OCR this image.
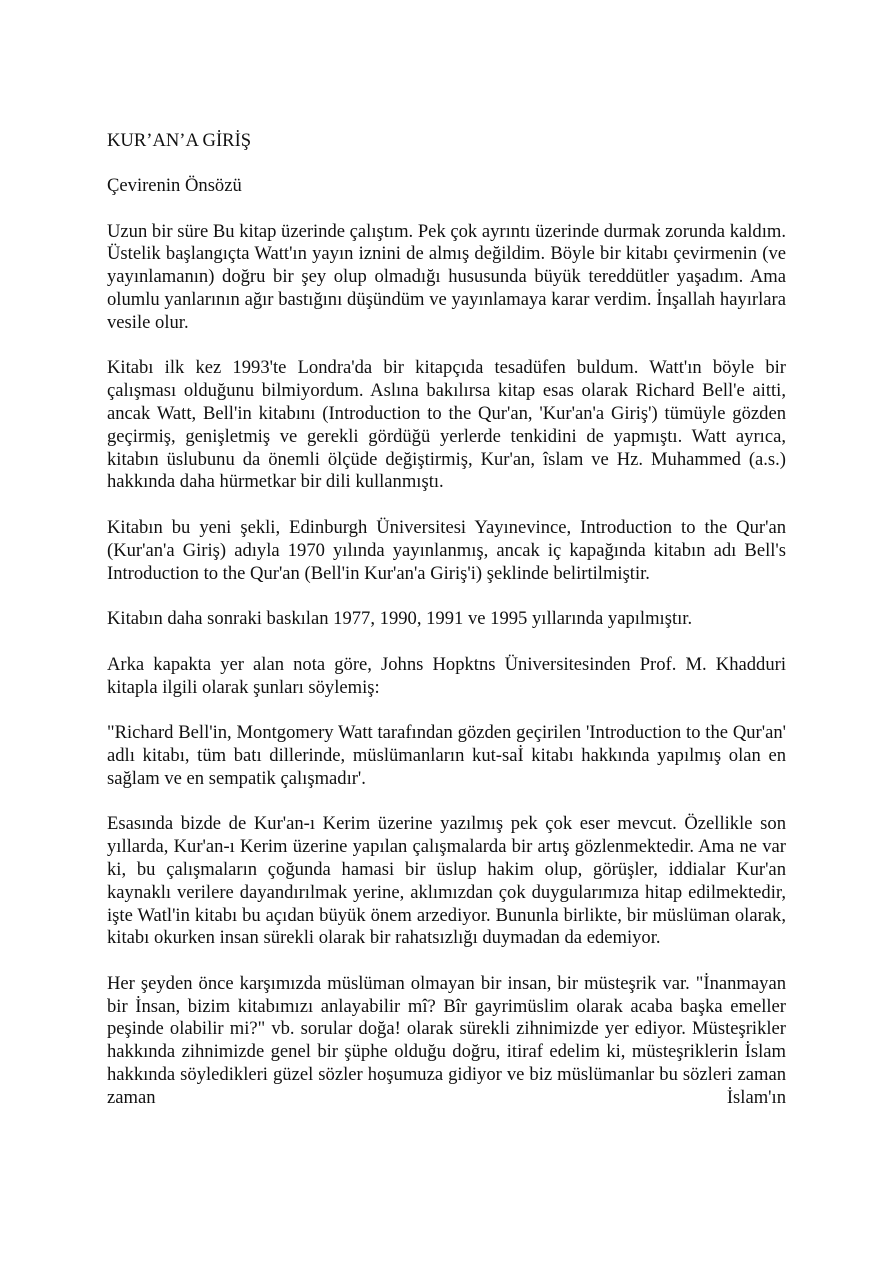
KUR’AN’A GİRİŞ
Çevirenin Önsözü

Uzun bir süre Bu kitap üzerinde çalıştım. Pek çok ayrıntı üzerinde durmak zorunda kaldım. Üstelik başlangıçta Watt'ın yayın iznini de almış değildim. Böyle bir kitabı çevirmenin (ve yayınlamanın) doğru bir şey olup olmadığı hususunda büyük tereddütler yaşadım. Ama olumlu yanlarının ağır bastığını düşündüm ve yayınlamaya karar verdim. İnşallah hayırlara vesile olur.

Kitabı ilk kez 1993'te Londra'da bir kitapçıda tesadüfen buldum. Watt'ın böyle bir çalışması olduğunu bilmiyordum. Aslına bakılırsa kitap esas olarak Richard Bell'e aitti, ancak Watt, Bell'in kitabını (Introduction to the Qur'an, 'Kur'an'a Giriş') tümüyle gözden geçirmiş, genişletmiş ve gerekli gördüğü yerlerde tenkidini de yapmıştı. Watt ayrıca, kitabın üslubunu da önemli ölçüde değiştirmiş, Kur'an, îslam ve Hz. Muhammed (a.s.) hakkında daha hürmetkar bir dili kullanmıştı.

Kitabın bu yeni şekli, Edinburgh Üniversitesi Yayınevince, Introduction to the Qur'an (Kur'an'a Giriş) adıyla 1970 yılında yayınlanmış, ancak iç kapağında kitabın adı Bell's Introduction to the Qur'an (Bell'in Kur'an'a Giriş'i) şeklinde belirtilmiştir.

Kitabın daha sonraki baskılan 1977, 1990, 1991 ve 1995 yıllarında yapılmıştır.

Arka kapakta yer alan nota göre, Johns Hopktns Üniversitesinden Prof. M. Khadduri kitapla ilgili olarak şunları söylemiş:

"Richard Bell'in, Montgomery Watt tarafından gözden geçirilen 'Introduction to the Qur'an' adlı kitabı, tüm batı dillerinde, müslümanların kut-saİ kitabı hakkında yapılmış olan en sağlam ve en sempatik çalışmadır'.

Esasında bizde de Kur'an-ı Kerim üzerine yazılmış pek çok eser mevcut. Özellikle son yıllarda, Kur'an-ı Kerim üzerine yapılan çalışmalarda bir artış gözlenmektedir. Ama ne var ki, bu çalışmaların çoğunda hamasi bir üslup hakim olup, görüşler, iddialar Kur'an kaynaklı verilere dayandırılmak yerine, aklımızdan çok duygularımıza hitap edilmektedir, işte Watl'in kitabı bu açıdan büyük önem arzediyor. Bununla birlikte, bir müslüman olarak, kitabı okurken insan sürekli olarak bir rahatsızlığı duymadan da edemiyor.

Her şeyden önce karşımızda müslüman olmayan bir insan, bir müsteşrik var. "İnanmayan bir İnsan, bizim kitabımızı anlayabilir mî? Bîr gayrimüslim olarak acaba başka emeller peşinde olabilir mi?" vb. sorular doğa! olarak sürekli zihnimizde yer ediyor. Müsteşrikler hakkında zihnimizde genel bir şüphe olduğu doğru, itiraf edelim ki, müsteşriklerin İslam hakkında söyledikleri güzel sözler hoşumuza gidiyor ve biz müslümanlar bu sözleri zaman zaman İslam'ın
